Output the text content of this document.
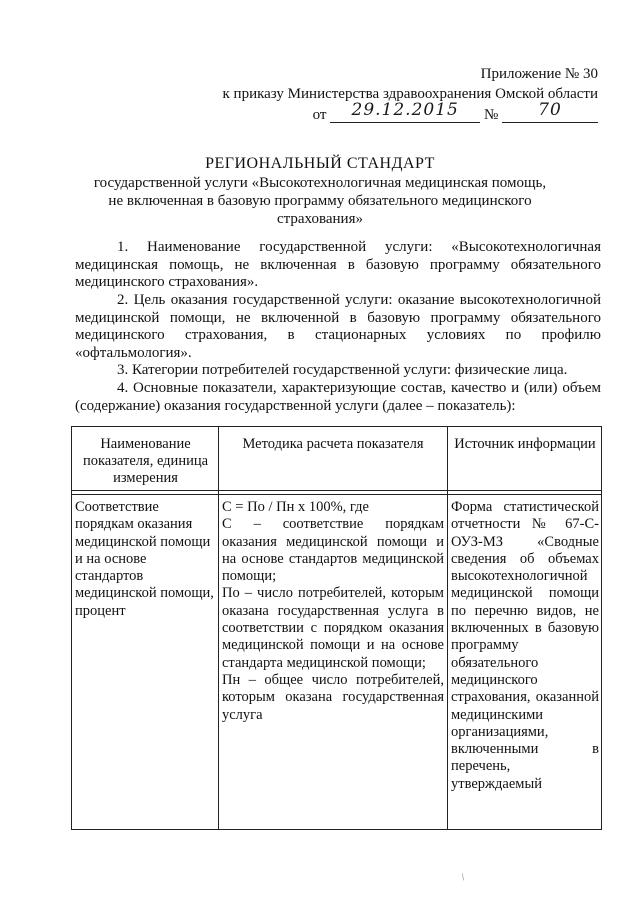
Приложение № 30
к приказу Министерства здравоохранения Омской области
от 29.12.2015 № 70
РЕГИОНАЛЬНЫЙ СТАНДАРТ
государственной услуги «Высокотехнологичная медицинская помощь, не включенная в базовую программу обязательного медицинского страхования»
1. Наименование государственной услуги: «Высокотехнологичная медицинская помощь, не включенная в базовую программу обязательного медицинского страхования».
2. Цель оказания государственной услуги: оказание высокотехнологичной медицинской помощи, не включенной в базовую программу обязательного медицинского страхования, в стационарных условиях по профилю «офтальмология».
3. Категории потребителей государственной услуги: физические лица.
4. Основные показатели, характеризующие состав, качество и (или) объем (содержание) оказания государственной услуги (далее – показатель):
Наименование показателя, единица измерения
Методика расчета показателя	Источник информации
Соответствие порядкам оказания медицинской помощи и на основе стандартов медицинской помощи, процент
С = По / Пн х 100%, где
С – соответствие порядкам оказания медицинской помощи и на основе стандартов медицинской помощи;
По – число потребителей, которым оказана государственная услуга в соответствии с порядком оказания медицинской помощи и на основе стандарта медицинской помощи;
Пн – общее число потребителей, которым оказана государственная услуга
Форма статистической отчетности № 67-С-ОУЗ-МЗ «Сводные сведения об объемах высокотехнологичной медицинской помощи по перечню видов, не включенных в базовую программу обязательного медицинского страхования, оказанной медицинскими организациями, включенными в перечень, утверждаемый
/
